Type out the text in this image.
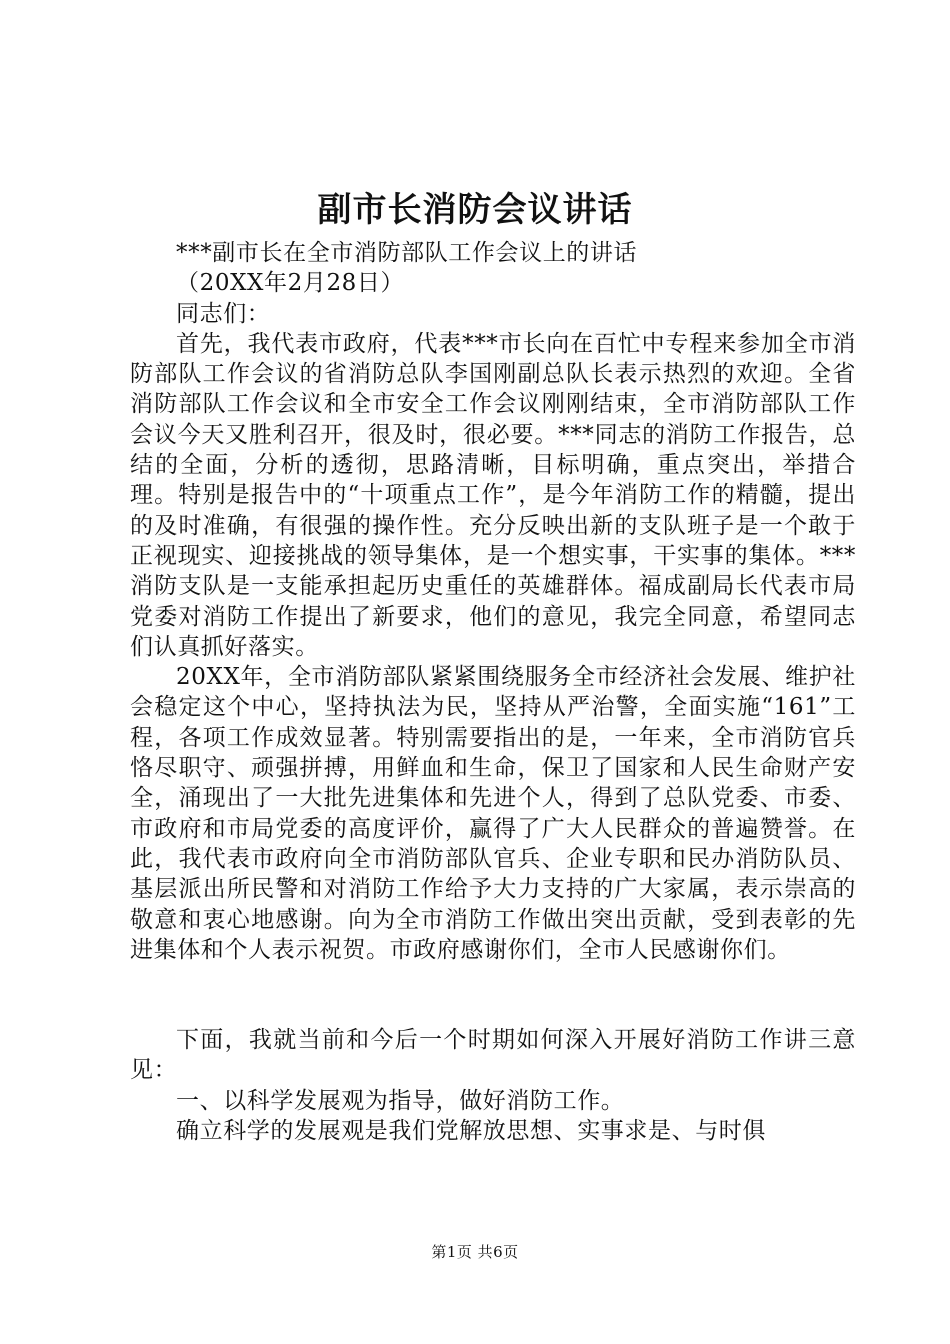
副市长消防会议讲话

***副市长在全市消防部队工作会议上的讲话

（20XX年2月28日）

同志们：

首先，我代表市政府，代表***市长向在百忙中专程来参加全市消防部队工作会议的省消防总队李国刚副总队长表示热烈的欢迎。全省消防部队工作会议和全市安全工作会议刚刚结束，全市消防部队工作会议今天又胜利召开，很及时，很必要。***同志的消防工作报告，总结的全面，分析的透彻，思路清晰，目标明确，重点突出，举措合理。特别是报告中的“十项重点工作”，是今年消防工作的精髓，提出的及时准确，有很强的操作性。充分反映出新的支队班子是一个敢于正视现实、迎接挑战的领导集体，是一个想实事，干实事的集体。***消防支队是一支能承担起历史重任的英雄群体。福成副局长代表市局党委对消防工作提出了新要求，他们的意见，我完全同意，希望同志们认真抓好落实。

20XX年，全市消防部队紧紧围绕服务全市经济社会发展、维护社会稳定这个中心，坚持执法为民，坚持从严治警，全面实施“161”工程，各项工作成效显著。特别需要指出的是，一年来，全市消防官兵恪尽职守、顽强拼搏，用鲜血和生命，保卫了国家和人民生命财产安全，涌现出了一大批先进集体和先进个人，得到了总队党委、市委、市政府和市局党委的高度评价，赢得了广大人民群众的普遍赞誉。在此，我代表市政府向全市消防部队官兵、企业专职和民办消防队员、基层派出所民警和对消防工作给予大力支持的广大家属，表示崇高的敬意和衷心地感谢。向为全市消防工作做出突出贡献，受到表彰的先进集体和个人表示祝贺。市政府感谢你们，全市人民感谢你们。

下面，我就当前和今后一个时期如何深入开展好消防工作讲三意见：

一、以科学发展观为指导，做好消防工作。

确立科学的发展观是我们党解放思想、实事求是、与时俱

第1页 共6页
